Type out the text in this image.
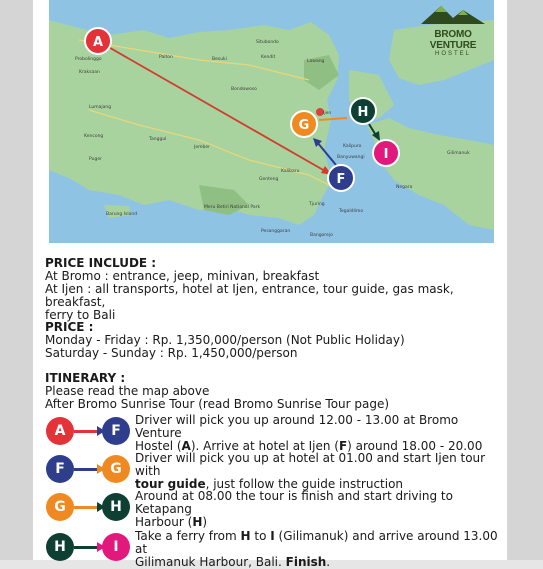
A
F
G
H
I
Situbondo
Probolinggo	Paiton	Besuki	Kendit
Lawang
Kraksaan
Bondowoso
Ijen
Lumajang
Jember
Tanggul
Kalipuro
Banyuwangi
Kalibaru
Genteng
Gilimanuk
Negara
Kencong
Puger
Meru Betiri National Park
Barung Island
Tegaldlimo
Pesanggaran
Tjuring
Bangorejo
BROMO VENTURE
HOSTEL
PRICE INCLUDE :
At Bromo : entrance, jeep, minivan, breakfast
At Ijen : all transports, hotel at Ijen, entrance, tour guide, gas mask, breakfast,
ferry to Bali
PRICE :
Monday - Friday : Rp. 1,350,000/person (Not Public Holiday)
Saturday - Sunday : Rp. 1,450,000/person
ITINERARY :
Please read the map above
After Bromo Sunrise Tour (read Bromo Sunrise Tour page)
A	F
Driver will pick you up around 12.00 - 13.00 at Bromo Venture
Hostel (A). Arrive at hotel at Ijen (F) around 18.00 - 20.00
F	G
Driver will pick you up at hotel at 01.00 and start Ijen tour with
tour guide, just follow the guide instruction
G	H
Around at 08.00 the tour is finish and start driving to Ketapang
Harbour (H)
H	I
Take a ferry from H to I (Gilimanuk) and arrive around 13.00 at
Gilimanuk Harbour, Bali. Finish.
